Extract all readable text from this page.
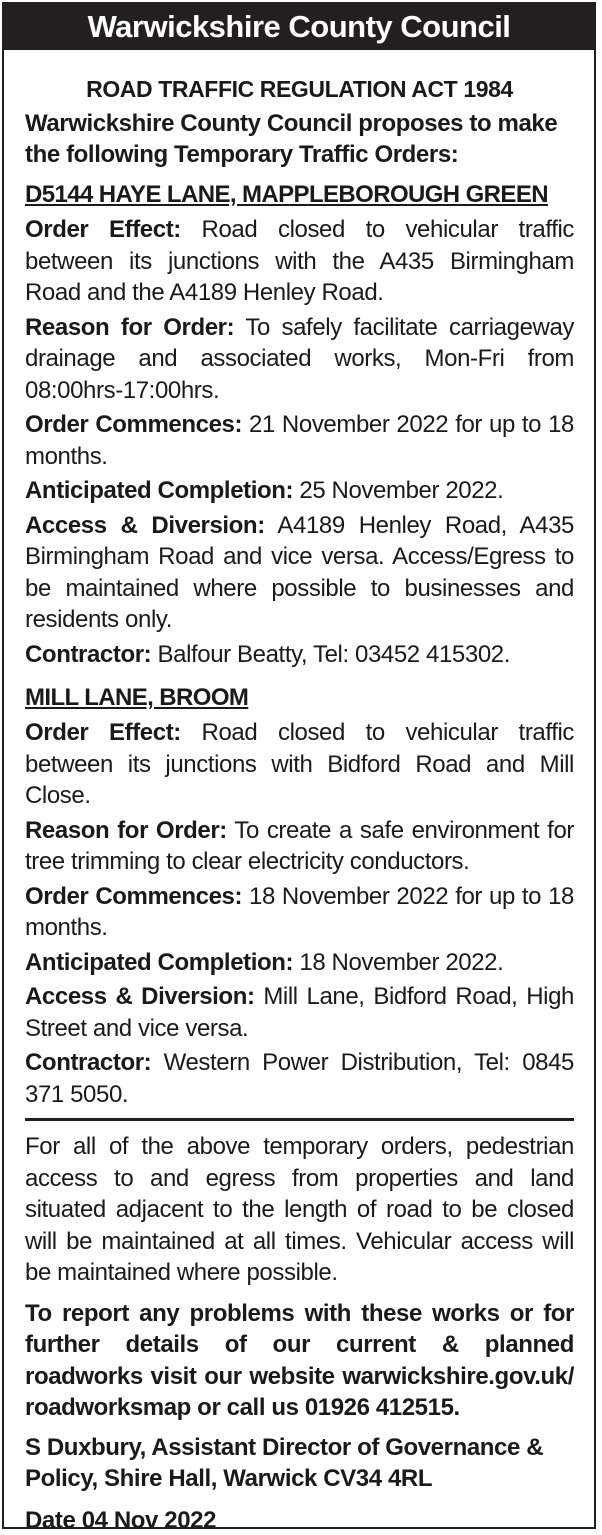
Warwickshire County Council
ROAD TRAFFIC REGULATION ACT 1984
Warwickshire County Council proposes to make the following Temporary Traffic Orders:
D5144 HAYE LANE, MAPPLEBOROUGH GREEN
Order Effect: Road closed to vehicular traffic between its junctions with the A435 Birmingham Road and the A4189 Henley Road.
Reason for Order: To safely facilitate carriageway drainage and associated works, Mon-Fri from 08:00hrs-17:00hrs.
Order Commences: 21 November 2022 for up to 18 months.
Anticipated Completion: 25 November 2022.
Access & Diversion: A4189 Henley Road, A435 Birmingham Road and vice versa. Access/Egress to be maintained where possible to businesses and residents only.
Contractor: Balfour Beatty, Tel: 03452 415302.
MILL LANE, BROOM
Order Effect: Road closed to vehicular traffic between its junctions with Bidford Road and Mill Close.
Reason for Order: To create a safe environment for tree trimming to clear electricity conductors.
Order Commences: 18 November 2022 for up to 18 months.
Anticipated Completion: 18 November 2022.
Access & Diversion: Mill Lane, Bidford Road, High Street and vice versa.
Contractor: Western Power Distribution, Tel: 0845 371 5050.
For all of the above temporary orders, pedestrian access to and egress from properties and land situated adjacent to the length of road to be closed will be maintained at all times. Vehicular access will be maintained where possible.
To report any problems with these works or for further details of our current & planned roadworks visit our website warwickshire.gov.uk/ roadworksmap or call us 01926 412515.
S Duxbury, Assistant Director of Governance & Policy, Shire Hall, Warwick CV34 4RL
Date 04 Nov 2022
